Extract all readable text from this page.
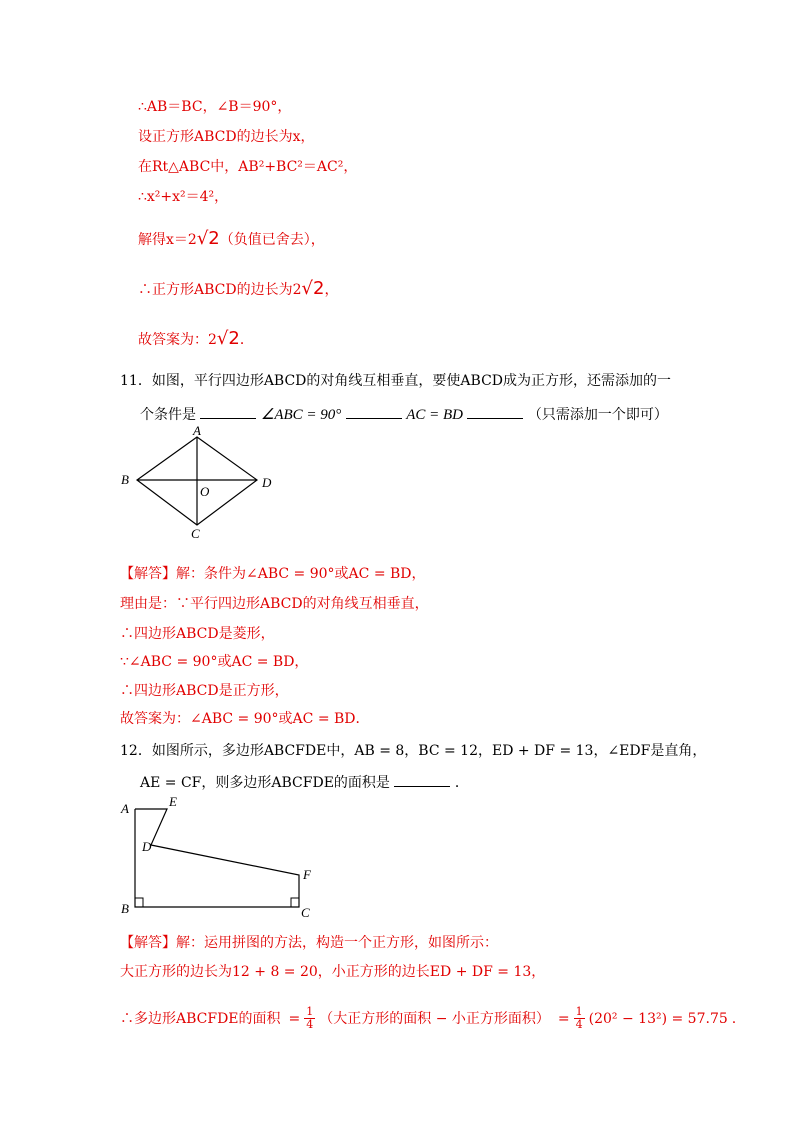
∴AB＝BC，∠B＝90°，
设正方形ABCD的边长为x，
在Rt△ABC中，AB²+BC²＝AC²，
∴x²+x²＝4²，
解得x＝2√2（负值已舍去），
∴正方形ABCD的边长为2√2，
故答案为：2√2．
11．如图，平行四边形ABCD的对角线互相垂直，要使ABCD成为正方形，还需添加的一
个条件是	∠ABC = 90°	AC = BD	（只需添加一个即可）
A
B
C
D
O
【解答】解：条件为∠ABC = 90°或AC = BD，
理由是：∵平行四边形ABCD的对角线互相垂直，
∴四边形ABCD是菱形，
∵∠ABC = 90°或AC = BD，
∴四边形ABCD是正方形，
故答案为：∠ABC = 90°或AC = BD．
12．如图所示，多边形ABCFDE中，AB = 8，BC = 12，ED + DF = 13，∠EDF是直角，
AE = CF，则多边形ABCFDE的面积是	．
A	E
D
F
B	C
【解答】解：运用拼图的方法，构造一个正方形，如图所示：
大正方形的边长为12 + 8 = 20，小正方形的边长ED + DF = 13，
∴多边形ABCFDE的面积 = $\frac{1}{4}$ （大正方形的面积 − 小正方形面积） = $\frac{1}{4} (20^2 - 13^2) = 57.75$ .
